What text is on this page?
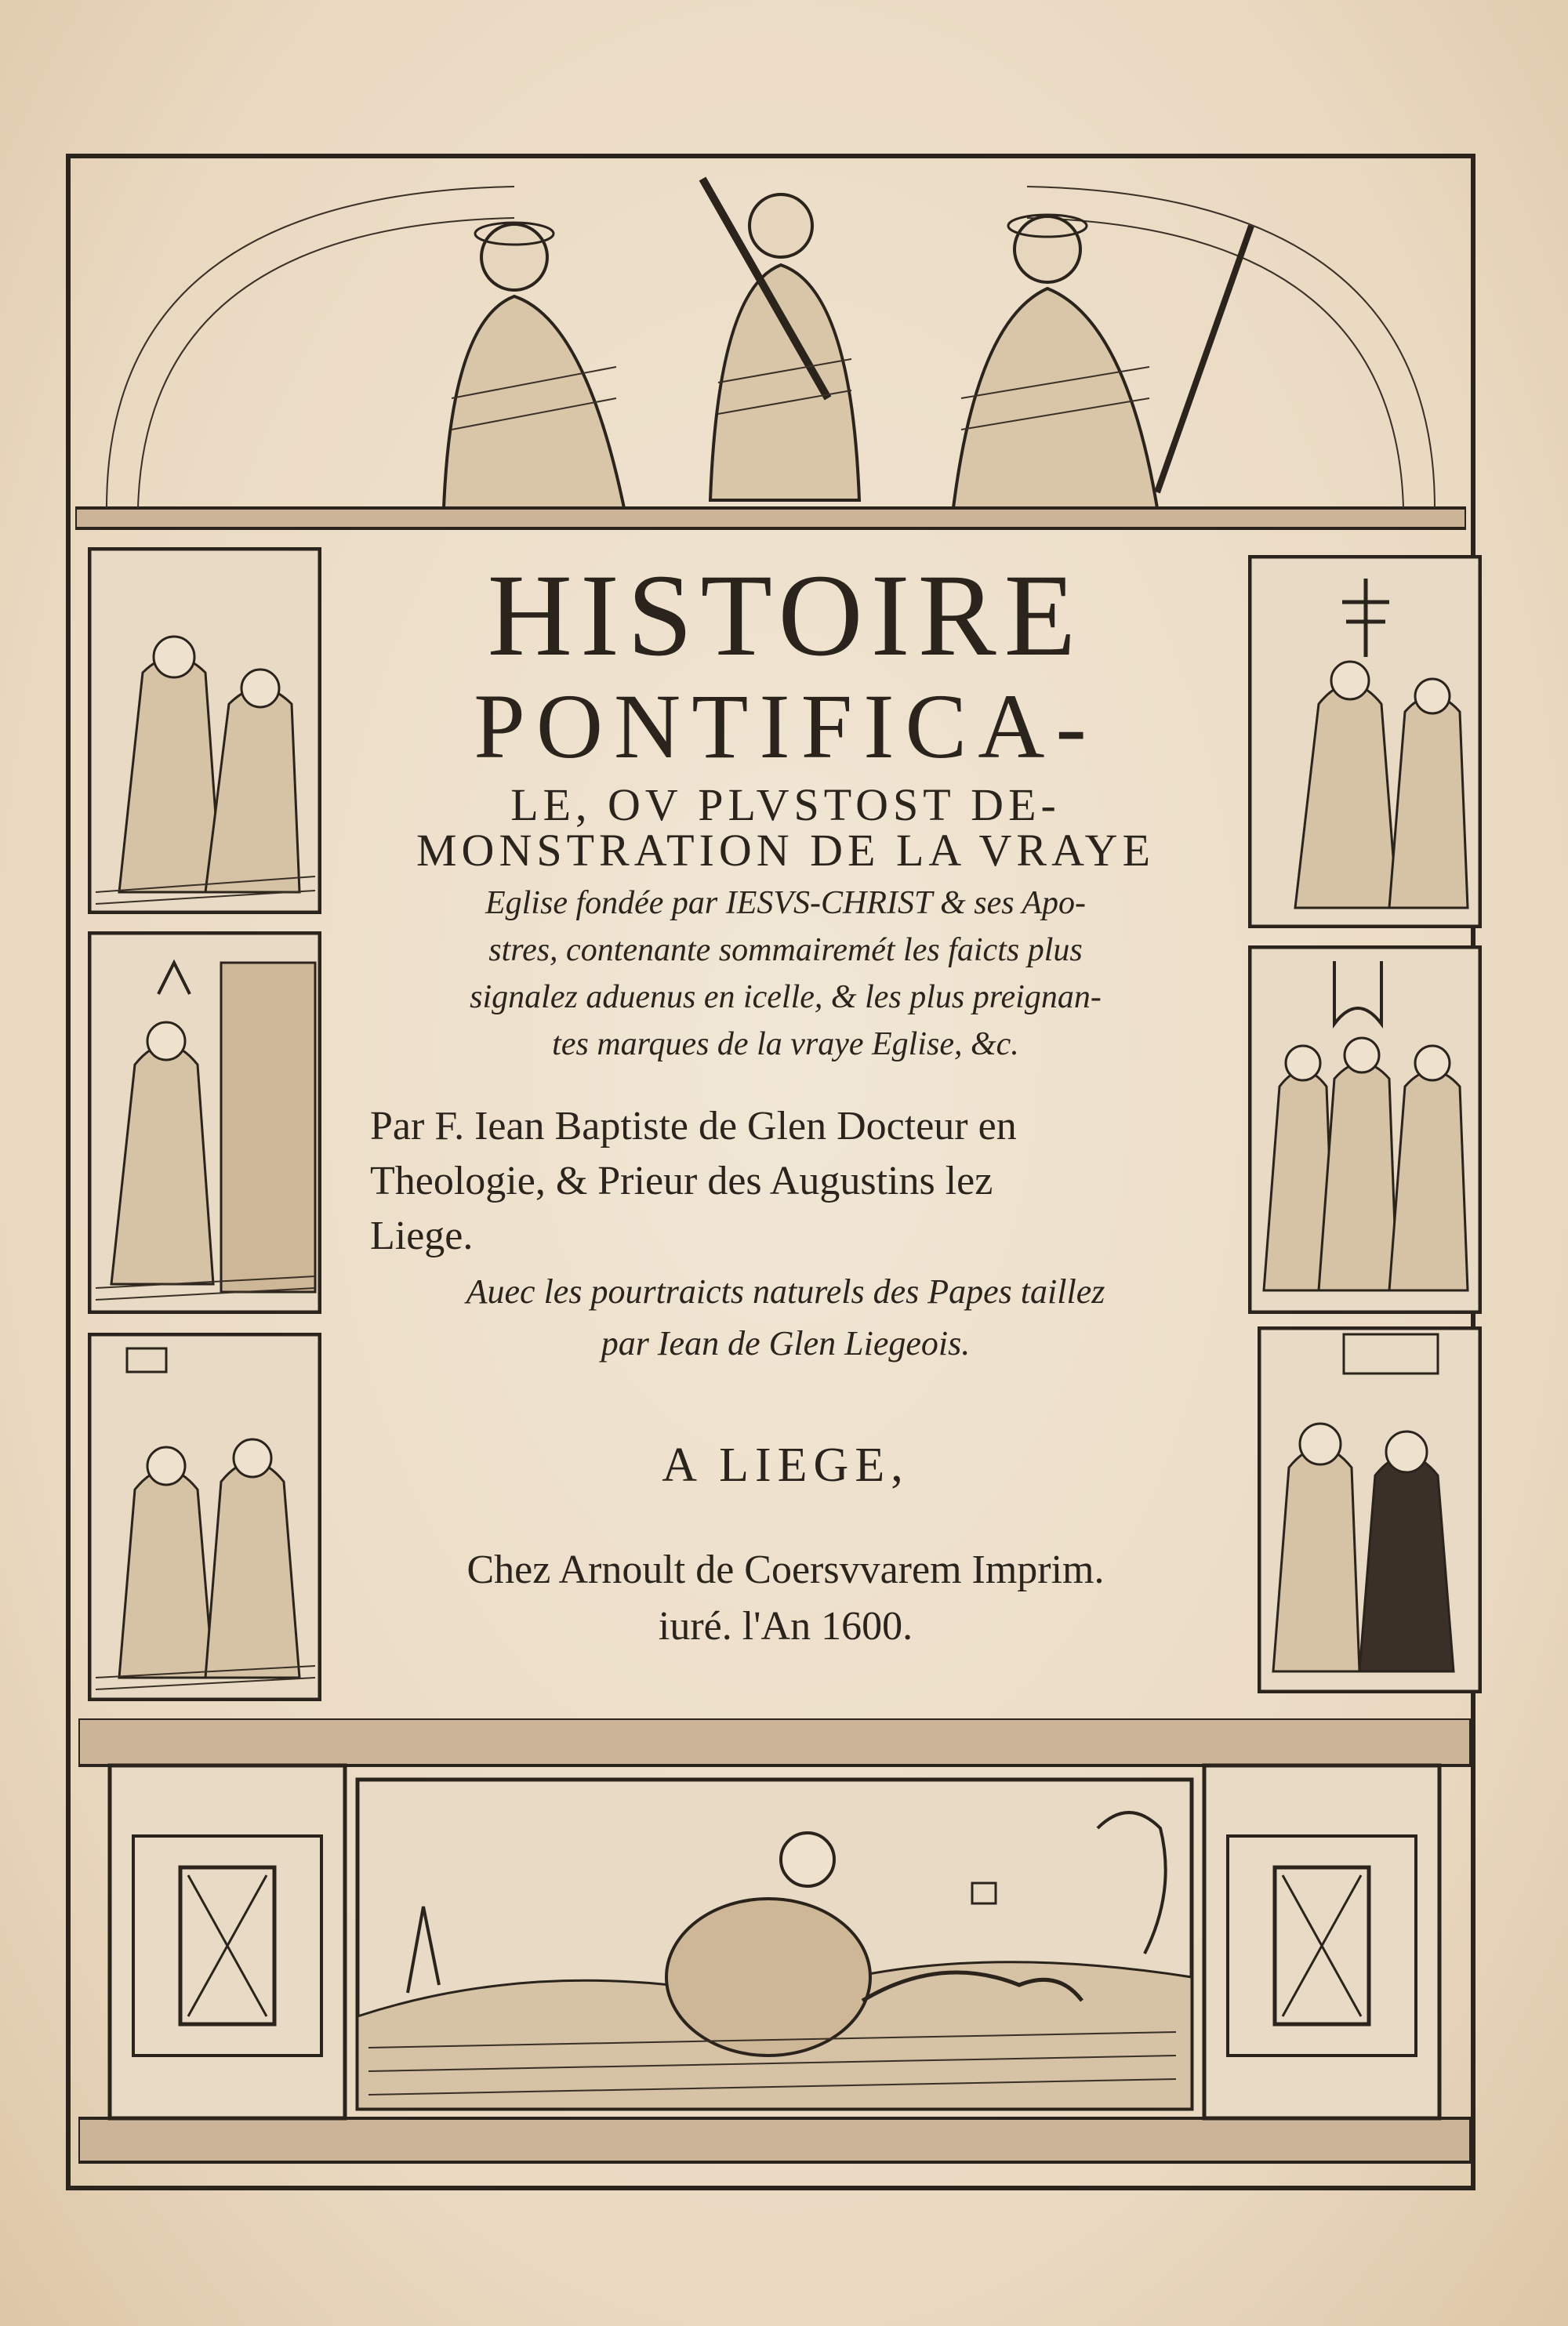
HISTOIRE

PONTIFICA-

LE, OV PLVSTOST DE-

MONSTRATION DE LA VRAYE

Eglise fondée par IESVS-CHRIST & ses Apo-

stres, contenante sommairemét les faicts plus

signalez aduenus en icelle, & les plus preignan-

tes marques de la vraye Eglise, &c.

Par F. Iean Baptiste de Glen Docteur en

Theologie, & Prieur des Augustins lez

Liege.

Auec les pourtraicts naturels des Papes taillez

par Iean de Glen Liegeois.

A LIEGE,

Chez Arnoult de Coersvvarem Imprim.
iuré. l'An 1600.
